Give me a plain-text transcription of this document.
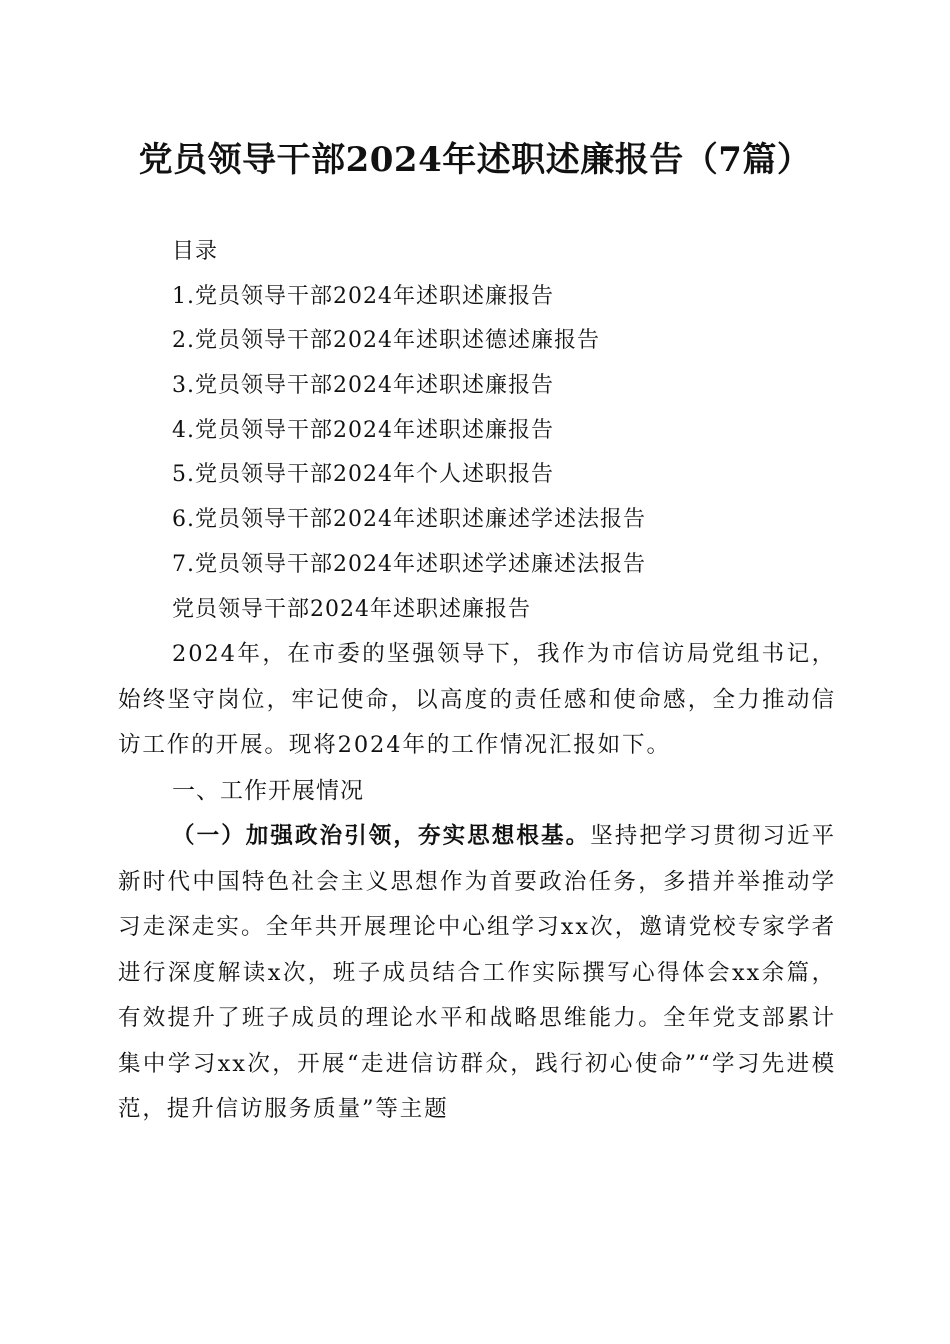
党员领导干部2024年述职述廉报告（7篇）
目录
1.党员领导干部2024年述职述廉报告
2.党员领导干部2024年述职述德述廉报告
3.党员领导干部2024年述职述廉报告
4.党员领导干部2024年述职述廉报告
5.党员领导干部2024年个人述职报告
6.党员领导干部2024年述职述廉述学述法报告
7.党员领导干部2024年述职述学述廉述法报告
党员领导干部2024年述职述廉报告

2024年，在市委的坚强领导下，我作为市信访局党组书记，始终坚守岗位，牢记使命，以高度的责任感和使命感，全力推动信访工作的开展。现将2024年的工作情况汇报如下。

一、工作开展情况

（一）加强政治引领，夯实思想根基。坚持把学习贯彻习近平新时代中国特色社会主义思想作为首要政治任务，多措并举推动学习走深走实。全年共开展理论中心组学习xx次，邀请党校专家学者进行深度解读x次，班子成员结合工作实际撰写心得体会xx余篇，有效提升了班子成员的理论水平和战略思维能力。全年党支部累计集中学习xx次，开展“走进信访群众，践行初心使命”“学习先进模范，提升信访服务质量”等主题
